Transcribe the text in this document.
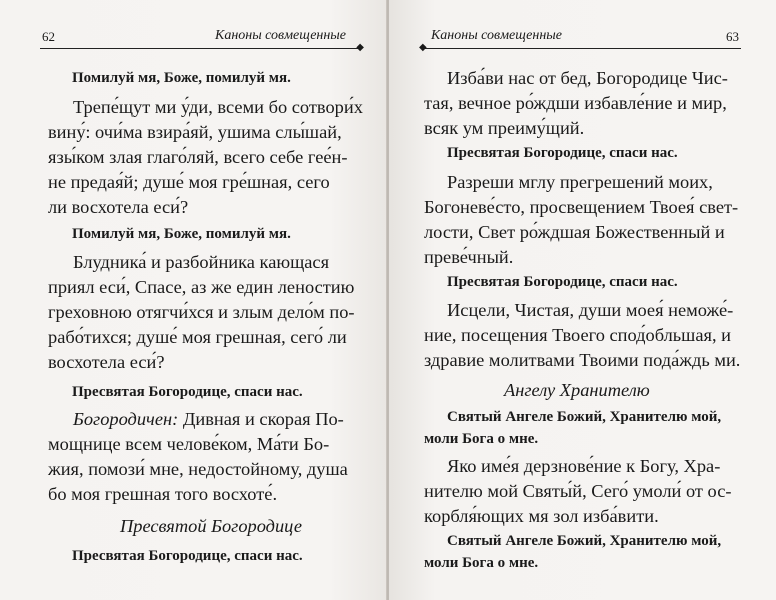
62	Каноны совмещенные
◆
Помилуй мя, Боже, помилуй мя.
Трепе́щут ми у́ди, всеми бо сотвори́х
вину́: очи́ма взира́яй, ушима слы́шай,
язы́ком злая глаго́ляй, всего себе гее́н-
не предая́й; душе́ моя гре́шная, сего
ли восхотела еси́?
Помилуй мя, Боже, помилуй мя.
Блудника́ и разбойника кающася
приял еси́, Спасе, аз же един леностию
греховною отягчи́хся и злым дело́м по-
рабо́тихся; душе́ моя грешная, сего́ ли
восхотела еси́?
Пресвятая Богородице, спаси нас.
Богородичен: Дивная и скорая По-
мощнице всем челове́ком, Ма́ти Бо-
жия, помози́ мне, недостойному, душа
бо моя грешная того восхоте́.
Пресвятой Богородице
Пресвятая Богородице, спаси нас.
Каноны совмещенные	63
◆
Изба́ви нас от бед, Богородице Чис-
тая, вечное ро́ждши избавле́ние и мир,
всяк ум преиму́щий.
Пресвятая Богородице, спаси нас.
Разреши мглу прегрешений моих,
Богоневе́сто, просвещением Твоея́ свет-
лости, Свет ро́ждшая Божественный и
преве́чный.
Пресвятая Богородице, спаси нас.
Исцели, Чистая, души моея́ неможе́-
ние, посещения Твоего спод́обльшая, и
здравие молитвами Твоими пода́ждь ми.
Ангелу Хранителю
Святый Ангеле Божий, Хранителю мой,
моли Бога о мне.
Яко име́я дерзнове́ние к Богу, Хра-
нителю мой Святы́й, Сего́ умоли́ от ос-
корбля́ющих мя зол изба́вити.
Святый Ангеле Божий, Хранителю мой,
моли Бога о мне.
